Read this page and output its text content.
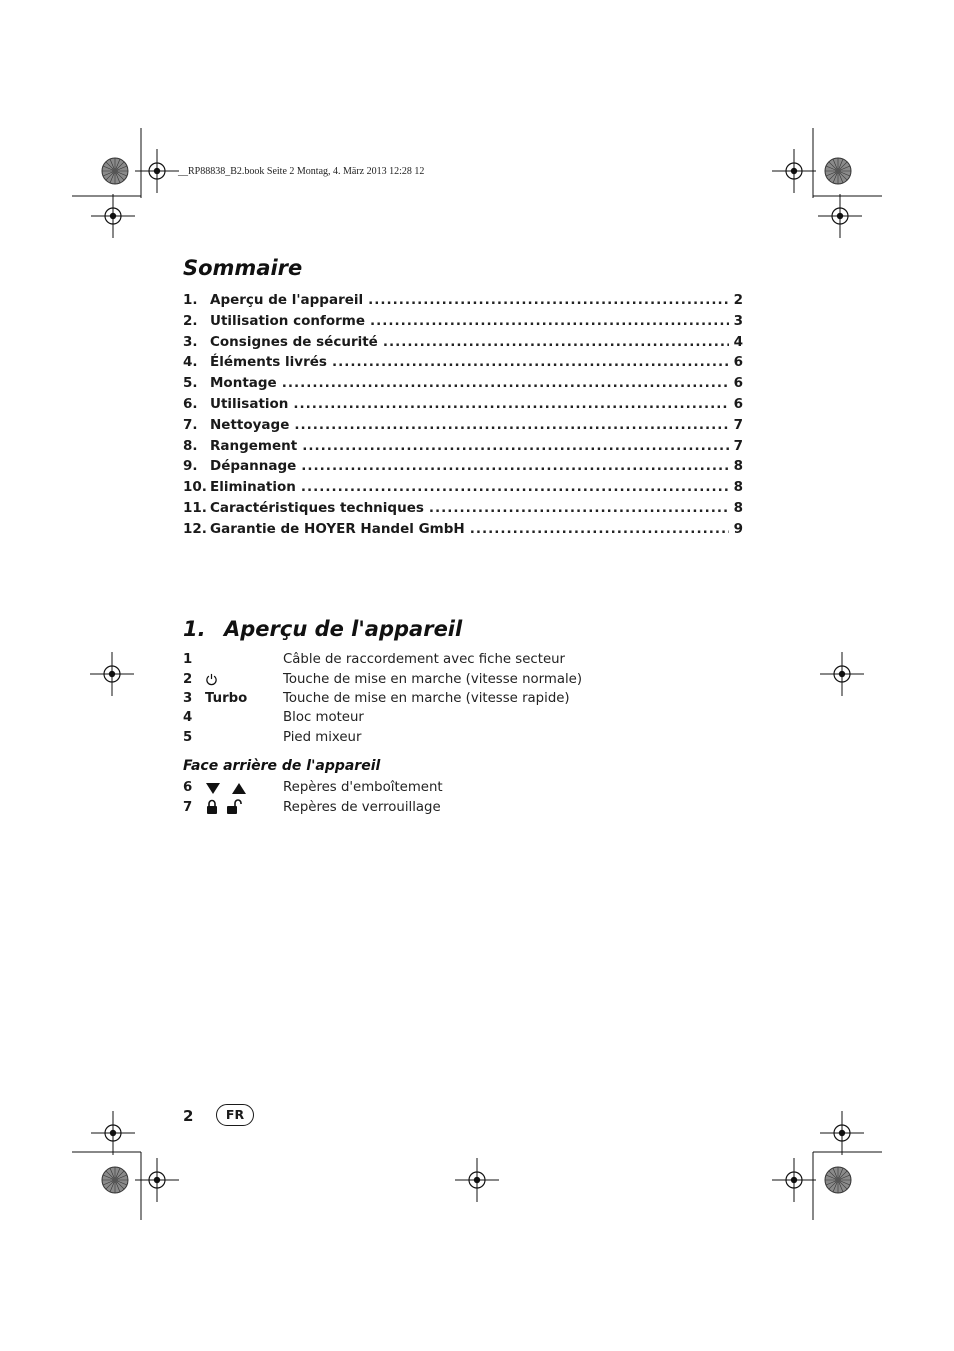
__RP88838_B2.book Seite 2 Montag, 4. März 2013 12:28 12
Sommaire
1. Aperçu de l'appareil .....	2
2. Utilisation conforme .....	3
3. Consignes de sécurité .....	4
4. Éléments livrés .....	6
5. Montage .....	6
6. Utilisation .....	6
7. Nettoyage .....	7
8. Rangement .....	7
9. Dépannage .....	8
10. Elimination .....	8
11. Caractéristiques techniques .....	8
12. Garantie de HOYER Handel GmbH .....	9
1. Aperçu de l'appareil
1	Câble de raccordement avec fiche secteur
2	Touche de mise en marche (vitesse normale)
3 Turbo	Touche de mise en marche (vitesse rapide)
4	Bloc moteur
5	Pied mixeur
Face arrière de l'appareil
6	Repères d'emboîtement
7	Repères de verrouillage
2	FR
